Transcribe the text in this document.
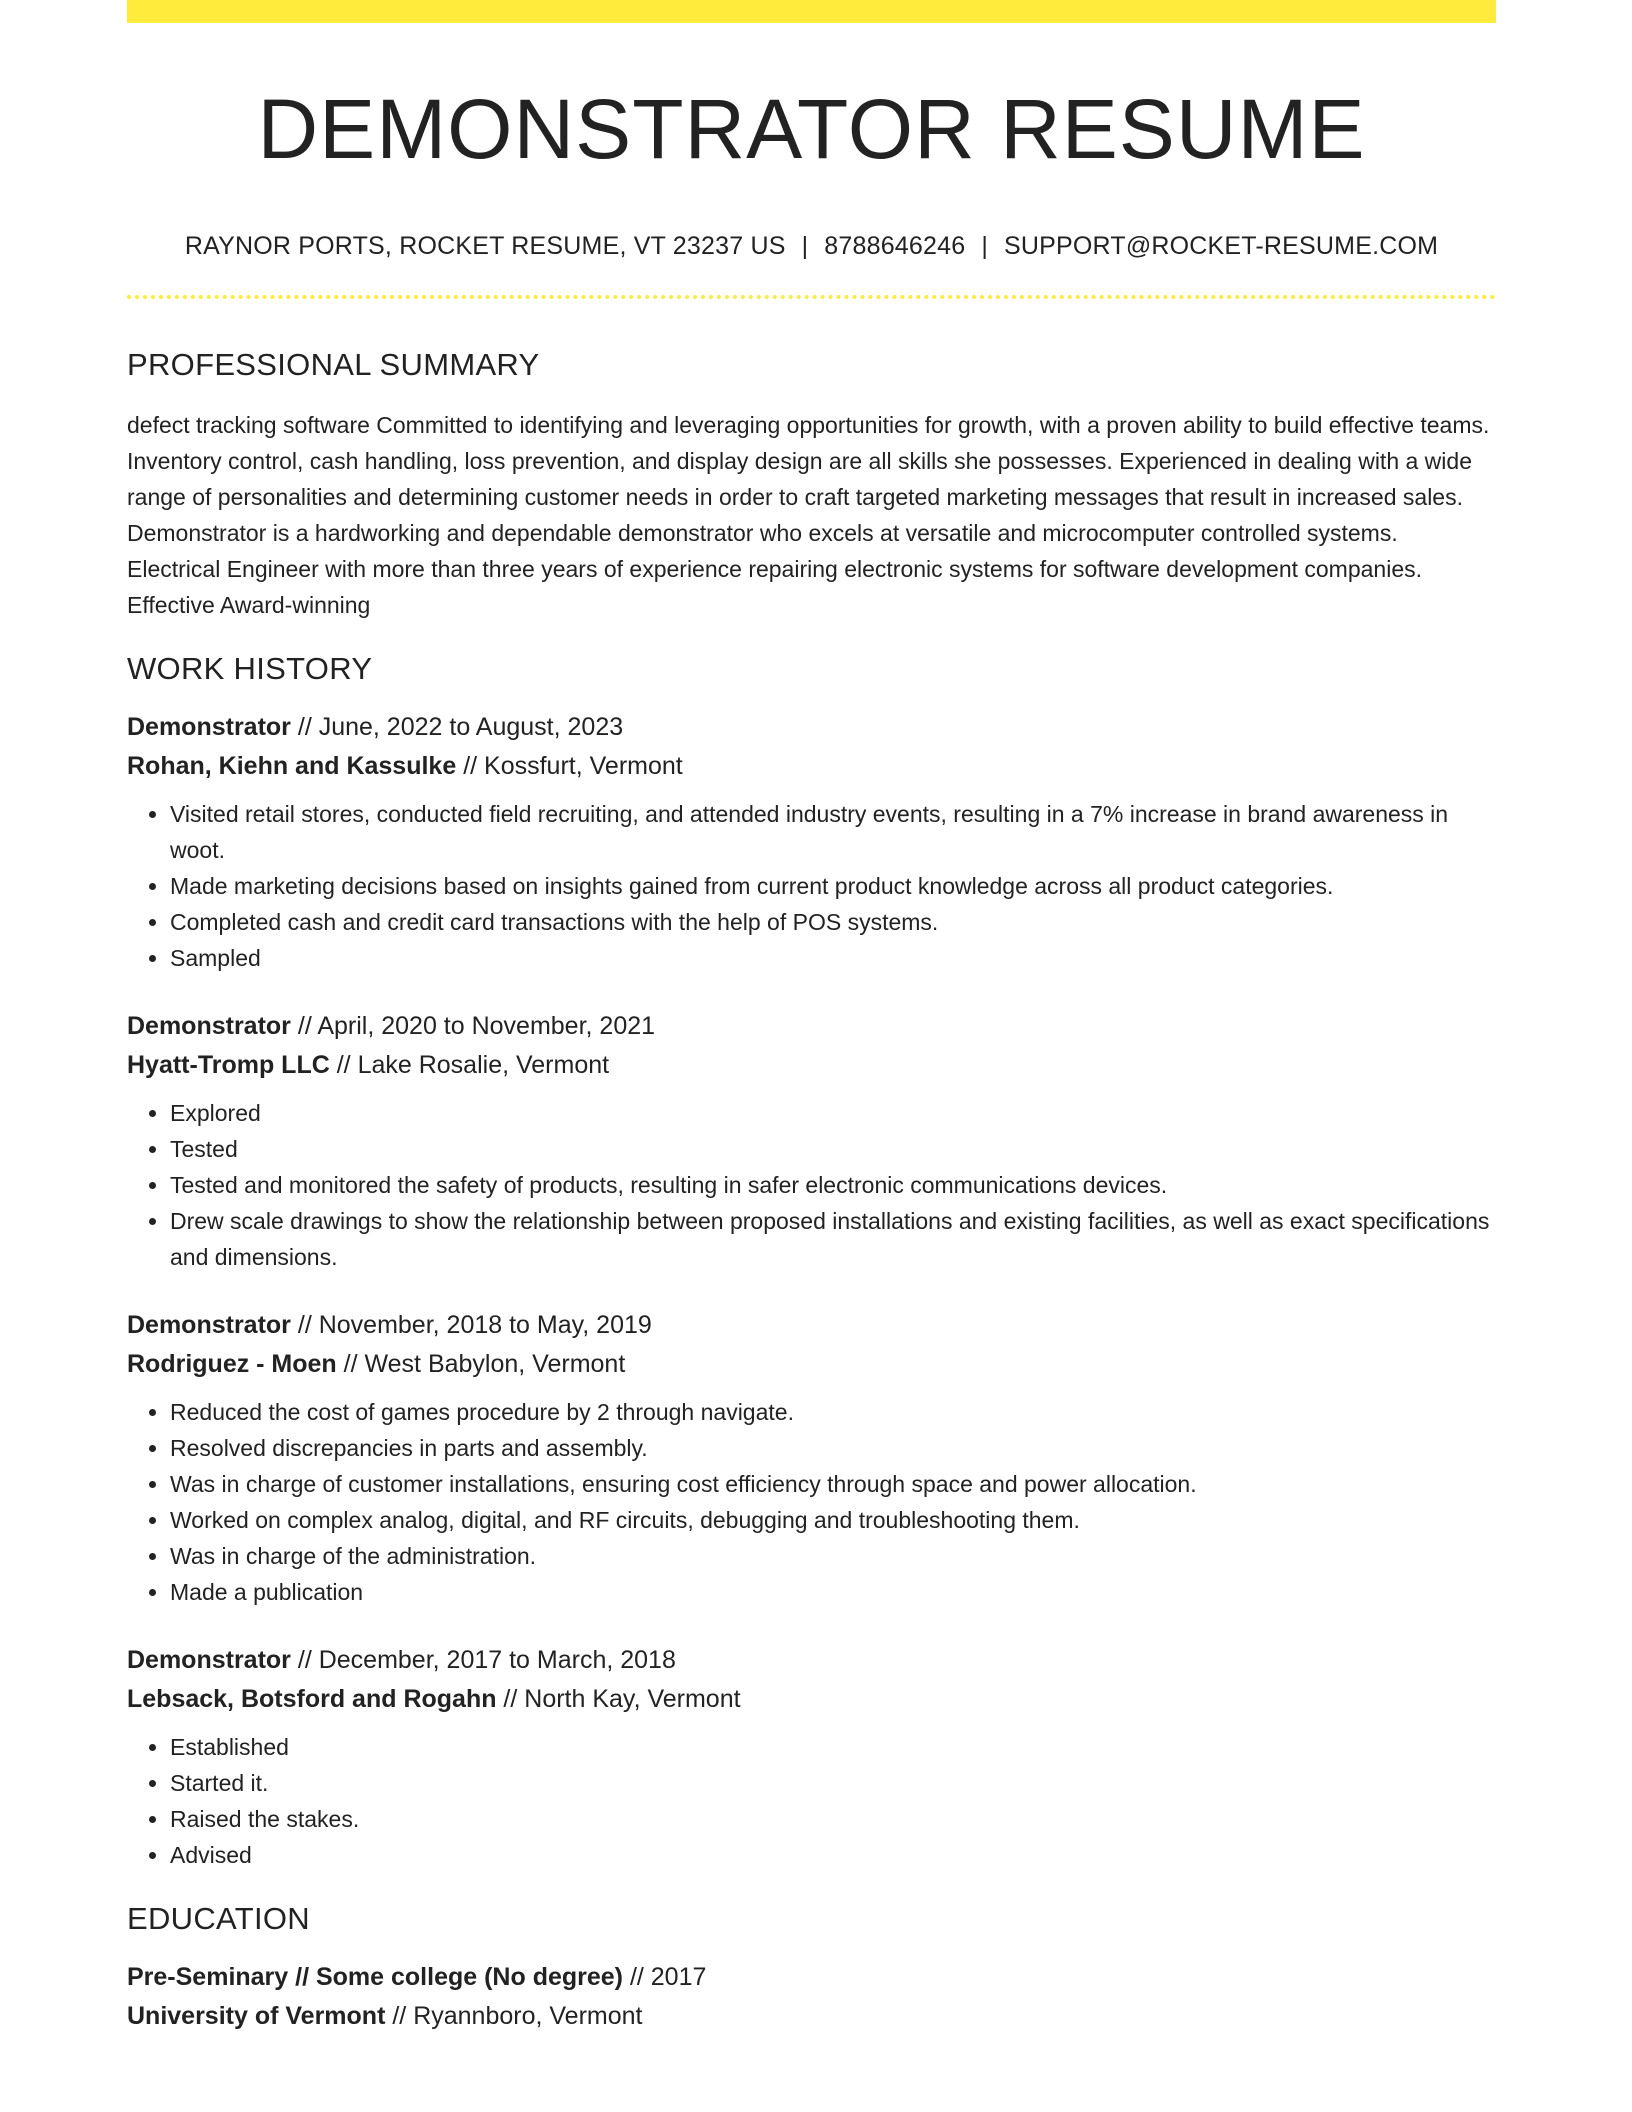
DEMONSTRATOR RESUME
RAYNOR PORTS, ROCKET RESUME, VT 23237 US | 8788646246 | SUPPORT@ROCKET-RESUME.COM
PROFESSIONAL SUMMARY
defect tracking software Committed to identifying and leveraging opportunities for growth, with a proven ability to build effective teams. Inventory control, cash handling, loss prevention, and display design are all skills she possesses. Experienced in dealing with a wide range of personalities and determining customer needs in order to craft targeted marketing messages that result in increased sales. Demonstrator is a hardworking and dependable demonstrator who excels at versatile and microcomputer controlled systems. Electrical Engineer with more than three years of experience repairing electronic systems for software development companies. Effective Award-winning
WORK HISTORY
Demonstrator // June, 2022 to August, 2023
Rohan, Kiehn and Kassulke // Kossfurt, Vermont
• Visited retail stores, conducted field recruiting, and attended industry events, resulting in a 7% increase in brand awareness in woot.
• Made marketing decisions based on insights gained from current product knowledge across all product categories.
• Completed cash and credit card transactions with the help of POS systems.
• Sampled
Demonstrator // April, 2020 to November, 2021
Hyatt-Tromp LLC // Lake Rosalie, Vermont
• Explored
• Tested
• Tested and monitored the safety of products, resulting in safer electronic communications devices.
• Drew scale drawings to show the relationship between proposed installations and existing facilities, as well as exact specifications and dimensions.
Demonstrator // November, 2018 to May, 2019
Rodriguez - Moen // West Babylon, Vermont
• Reduced the cost of games procedure by 2 through navigate.
• Resolved discrepancies in parts and assembly.
• Was in charge of customer installations, ensuring cost efficiency through space and power allocation.
• Worked on complex analog, digital, and RF circuits, debugging and troubleshooting them.
• Was in charge of the administration.
• Made a publication
Demonstrator // December, 2017 to March, 2018
Lebsack, Botsford and Rogahn // North Kay, Vermont
• Established
• Started it.
• Raised the stakes.
• Advised
EDUCATION
Pre-Seminary // Some college (No degree) // 2017
University of Vermont // Ryannboro, Vermont
